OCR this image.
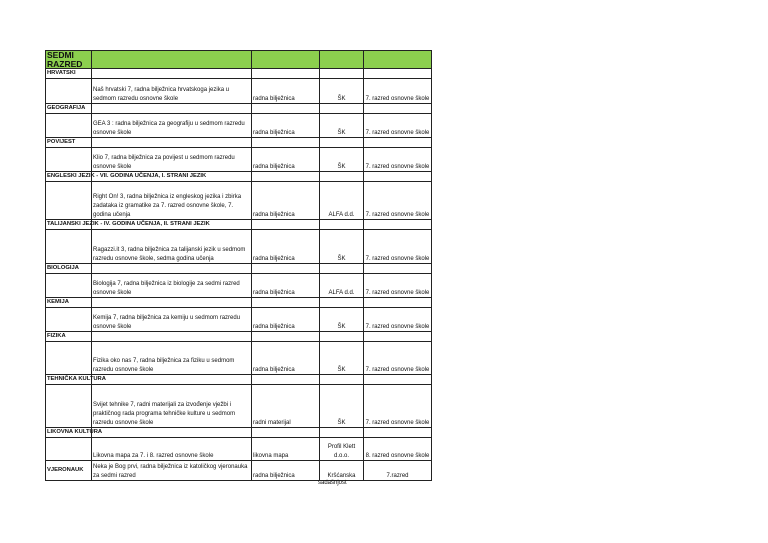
SEDMI RAZRED				
HRVATSKI				
	Naš hrvatski 7, radna bilježnica hrvatskoga jezika u sedmom razredu osnovne škole	radna bilježnica	ŠK	7. razred osnovne škole
GEOGRAFIJA				
	GEA 3 : radna bilježnica za geografiju u sedmom razredu osnovne škole	radna bilježnica	ŠK	7. razred osnovne škole
POVIJEST				
	Klio 7, radna bilježnica za povijest u sedmom razredu osnovne škole	radna bilježnica	ŠK	7. razred osnovne škole
ENGLESKI JEZIK - VII. GODINA UČENJA, I. STRANI JEZIK				
	Right On! 3, radna bilježnica iz engleskog jezika i zbirka zadataka iz gramatike za 7. razred osnovne škole, 7. godina učenja	radna bilježnica	ALFA d.d.	7. razred osnovne škole
TALIJANSKI JEZIK - IV. GODINA UČENJA, II. STRANI JEZIK				
	Ragazzi.it 3, radna bilježnica za talijanski jezik u sedmom razredu osnovne škole, sedma godina učenja	radna bilježnica	ŠK	7. razred osnovne škole
BIOLOGIJA				
	Biologija 7, radna bilježnica iz biologije za sedmi razred osnovne škole	radna bilježnica	ALFA d.d.	7. razred osnovne škole
KEMIJA				
	Kemija 7, radna bilježnica za kemiju u sedmom razredu osnovne škole	radna bilježnica	ŠK	7. razred osnovne škole
FIZIKA				
	Fizika oko nas 7, radna bilježnica za fiziku u sedmom razredu osnovne škole	radna bilježnica	ŠK	7. razred osnovne škole
TEHNIČKA KULTURA				
	Svijet tehnike 7, radni materijali za izvođenje vježbi i praktičnog rada programa tehničke kulture u sedmom razredu osnovne škole	radni materijal	ŠK	7. razred osnovne škole
LIKOVNA KULTURA				
	Likovna mapa za 7. i 8. razred osnovne škole	likovna mapa	Profil Klett d.o.o.	8. razred osnovne škole
VJERONAUK	Neka je Bog prvi, radna bilježnica iz katoličkog vjeronauka za sedmi razred	radna bilježnica	Kršćanska	7.razred
sadašnjost
